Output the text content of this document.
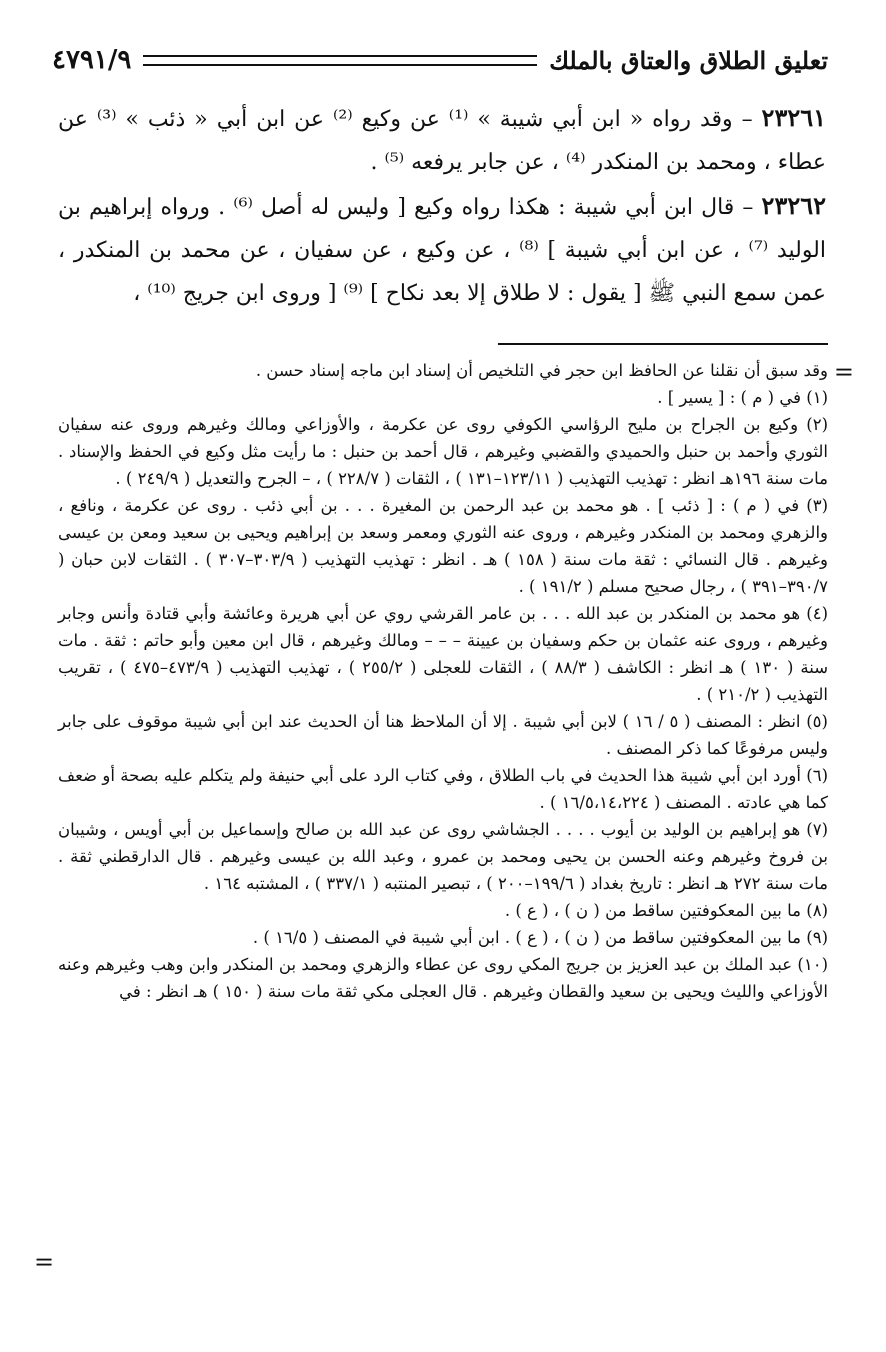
تعليق الطلاق والعتاق بالملك
٤٧٩١/٩

٢٣٢٦١ – وقد رواه « ابن أبي شيبة » ⁽¹⁾ عن وكيع ⁽²⁾ عن ابن أبي « ذئب » ⁽³⁾ عن عطاء ، ومحمد بن المنكدر ⁽⁴⁾ ، عن جابر يرفعه ⁽⁵⁾ .

٢٣٢٦٢ – قال ابن أبي شيبة : هكذا رواه وكيع [ وليس له أصل ⁽⁶⁾ . ورواه إبراهيم بن الوليد ⁽⁷⁾ ، عن ابن أبي شيبة ] ⁽⁸⁾ ، عن وكيع ، عن سفيان ، عن محمد بن المنكدر ، عمن سمع النبي ﷺ [ يقول : لا طلاق إلا بعد نكاح ] ⁽⁹⁾ [ وروى ابن جريج ⁽¹⁰⁾ ،

=

وقد سبق أن نقلنا عن الحافظ ابن حجر في التلخيص أن إسناد ابن ماجه إسناد حسن .

(١) في ( م ) : [ يسير ] .

(٢) وكيع بن الجراح بن مليح الرؤاسي الكوفي روى عن عكرمة ، والأوزاعي ومالك وغيرهم وروى عنه سفيان الثوري وأحمد بن حنبل والحميدي والقضبي وغيرهم ، قال أحمد بن حنبل : ما رأيت مثل وكيع في الحفظ والإسناد . مات سنة ١٩٦هـ انظر : تهذيب التهذيب ( ١٢٣/١١–١٣١ ) ، الثقات ( ٢٢٨/٧ ) ، – الجرح والتعديل ( ٢٤٩/٩ ) .

(٣) في ( م ) : [ ذئب ] . هو محمد بن عبد الرحمن بن المغيرة . . . بن أبي ذئب . روى عن عكرمة ، ونافع ، والزهري ومحمد بن المنكدر وغيرهم ، وروى عنه الثوري ومعمر وسعد بن إبراهيم ويحيى بن سعيد ومعن بن عيسى وغيرهم . قال النسائي : ثقة مات سنة ( ١٥٨ ) هـ . انظر : تهذيب التهذيب ( ٣٠٣/٩–٣٠٧ ) . الثقات لابن حبان ( ٣٩٠/٧–٣٩١ ) ، رجال صحيح مسلم ( ١٩١/٢ ) .

(٤) هو محمد بن المنكدر بن عبد الله . . . بن عامر القرشي روي عن أبي هريرة وعائشة وأبي قتادة وأنس وجابر وغيرهم ، وروى عنه عثمان بن حكم وسفيان بن عيينة – – – ومالك وغيرهم ، قال ابن معين وأبو حاتم : ثقة . مات سنة ( ١٣٠ ) هـ انظر : الكاشف ( ٨٨/٣ ) ، الثقات للعجلى ( ٢٥٥/٢ ) ، تهذيب التهذيب ( ٤٧٣/٩–٤٧٥ ) ، تقريب التهذيب ( ٢١٠/٢ ) .

(٥) انظر : المصنف ( ٥ / ١٦ ) لابن أبي شيبة . إلا أن الملاحظ هنا أن الحديث عند ابن أبي شيبة موقوف على جابر وليس مرفوعًا كما ذكر المصنف .

(٦) أورد ابن أبي شيبة هذا الحديث في باب الطلاق ، وفي كتاب الرد على أبي حنيفة ولم يتكلم عليه بصحة أو ضعف كما هي عادته . المصنف ( ١٦/٥،١٤،٢٢٤ ) .

(٧) هو إبراهيم بن الوليد بن أيوب . . . . الجشاشي روى عن عبد الله بن صالح وإسماعيل بن أبي أويس ، وشيبان بن فروخ وغيرهم وعنه الحسن بن يحيى ومحمد بن عمرو ، وعبد الله بن عيسى وغيرهم . قال الدارقطني ثقة . مات سنة ٢٧٢ هـ انظر : تاريخ بغداد ( ١٩٩/٦–٢٠٠ ) ، تبصير المنتبه ( ٣٣٧/١ ) ، المشتبه ١٦٤ .

(٨) ما بين المعكوفتين ساقط من ( ن ) ، ( ع ) .

(٩) ما بين المعكوفتين ساقط من ( ن ) ، ( ع ) . ابن أبي شيبة في المصنف ( ١٦/٥ ) .

(١٠) عبد الملك بن عبد العزيز بن جريج المكي روى عن عطاء والزهري ومحمد بن المنكدر وابن وهب وغيرهم وعنه الأوزاعي والليث ويحيى بن سعيد والقطان وغيرهم . قال العجلى مكي ثقة مات سنة ( ١٥٠ ) هـ انظر : في

=
